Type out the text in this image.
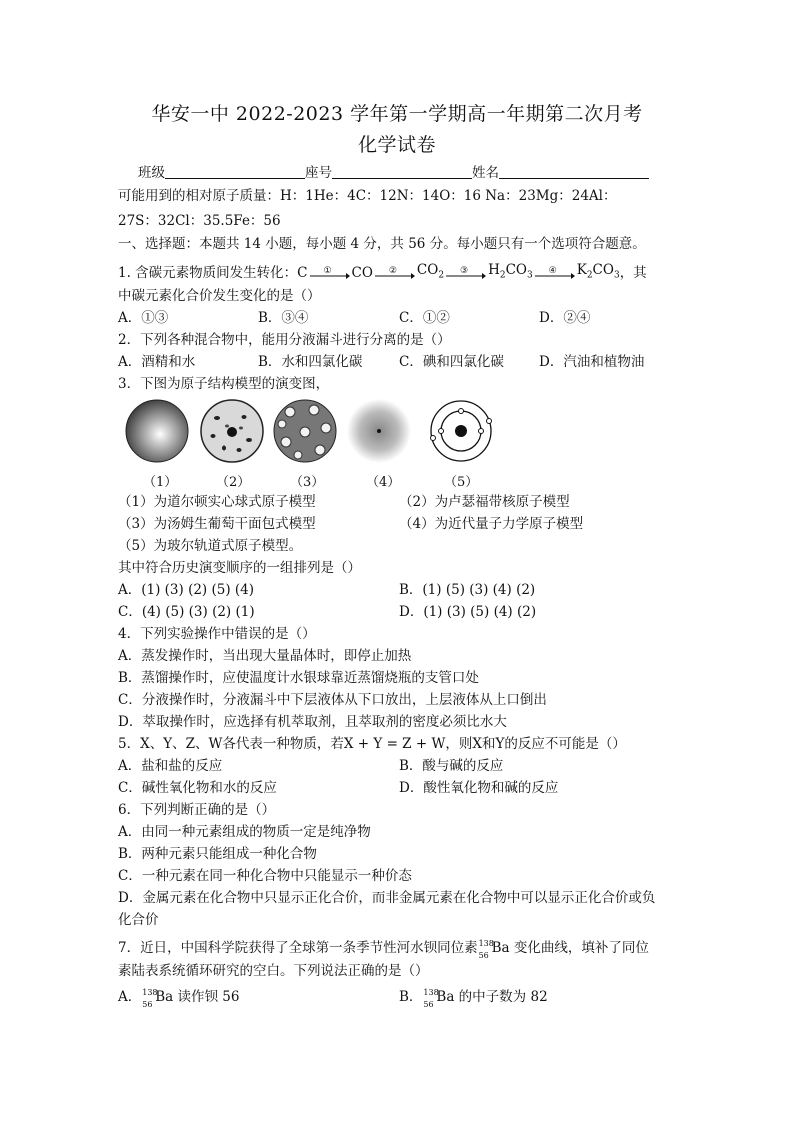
华安一中 2022-2023 学年第一学期高一年期第二次月考
化学试卷
班级	座号	姓名
可能用到的相对原子质量：H：1He：4C：12N：14O：16 Na：23Mg：24Al：
27S：32Cl：35.5Fe：56
一、选择题：本题共 14 小题，每小题 4 分，共 56 分。每小题只有一个选项符合题意。
1. 含碳元素物质间发生转化： C	①	CO	②	$CO_2$	③	$H_2CO_3$	④	$K_2CO_3$ ，其
中碳元素化合价发生变化的是（）
A．①③	B．③④	C．①②	D．②④
2．下列各种混合物中，能用分液漏斗进行分离的是（）
A．酒精和水	B．水和四氯化碳	C．碘和四氯化碳	D．汽油和植物油
3．下图为原子结构模型的演变图，
（1）	（2）	（3）	（4）	（5）
（1）为道尔顿实心球式原子模型	（2）为卢瑟福带核原子模型
（3）为汤姆生葡萄干面包式模型	（4）为近代量子力学原子模型
（5）为玻尔轨道式原子模型。
其中符合历史演变顺序的一组排列是（）
A．(1) (3) (2) (5) (4)	B．(1) (5) (3) (4) (2)
C．(4) (5) (3) (2) (1)	D．(1) (3) (5) (4) (2)
4．下列实验操作中错误的是（）
A．蒸发操作时，当出现大量晶体时，即停止加热
B．蒸馏操作时，应使温度计水银球靠近蒸馏烧瓶的支管口处
C．分液操作时，分液漏斗中下层液体从下口放出，上层液体从上口倒出
D．萃取操作时，应选择有机萃取剂，且萃取剂的密度必须比水大
5．X、Y、Z、W各代表一种物质，若X + Y = Z + W，则X和Y的反应不可能是（）
A．盐和盐的反应	B．酸与碱的反应
C．碱性氧化物和水的反应	D．酸性氧化物和碱的反应
6．下列判断正确的是（）
A．由同一种元素组成的物质一定是纯净物
B．两种元素只能组成一种化合物
C．一种元素在同一种化合物中只能显示一种价态
D．金属元素在化合物中只显示正化合价，而非金属元素在化合物中可以显示正化合价或负
化合价
7．近日，中国科学院获得了全球第一条季节性河水钡同位素 138
56 Ba 变化曲线，填补了同位
素陆表系统循环研究的空白。下列说法正确的是（）
A． 138
56 Ba 读作钡 56	B． 138
56 Ba 的中子数为 82
